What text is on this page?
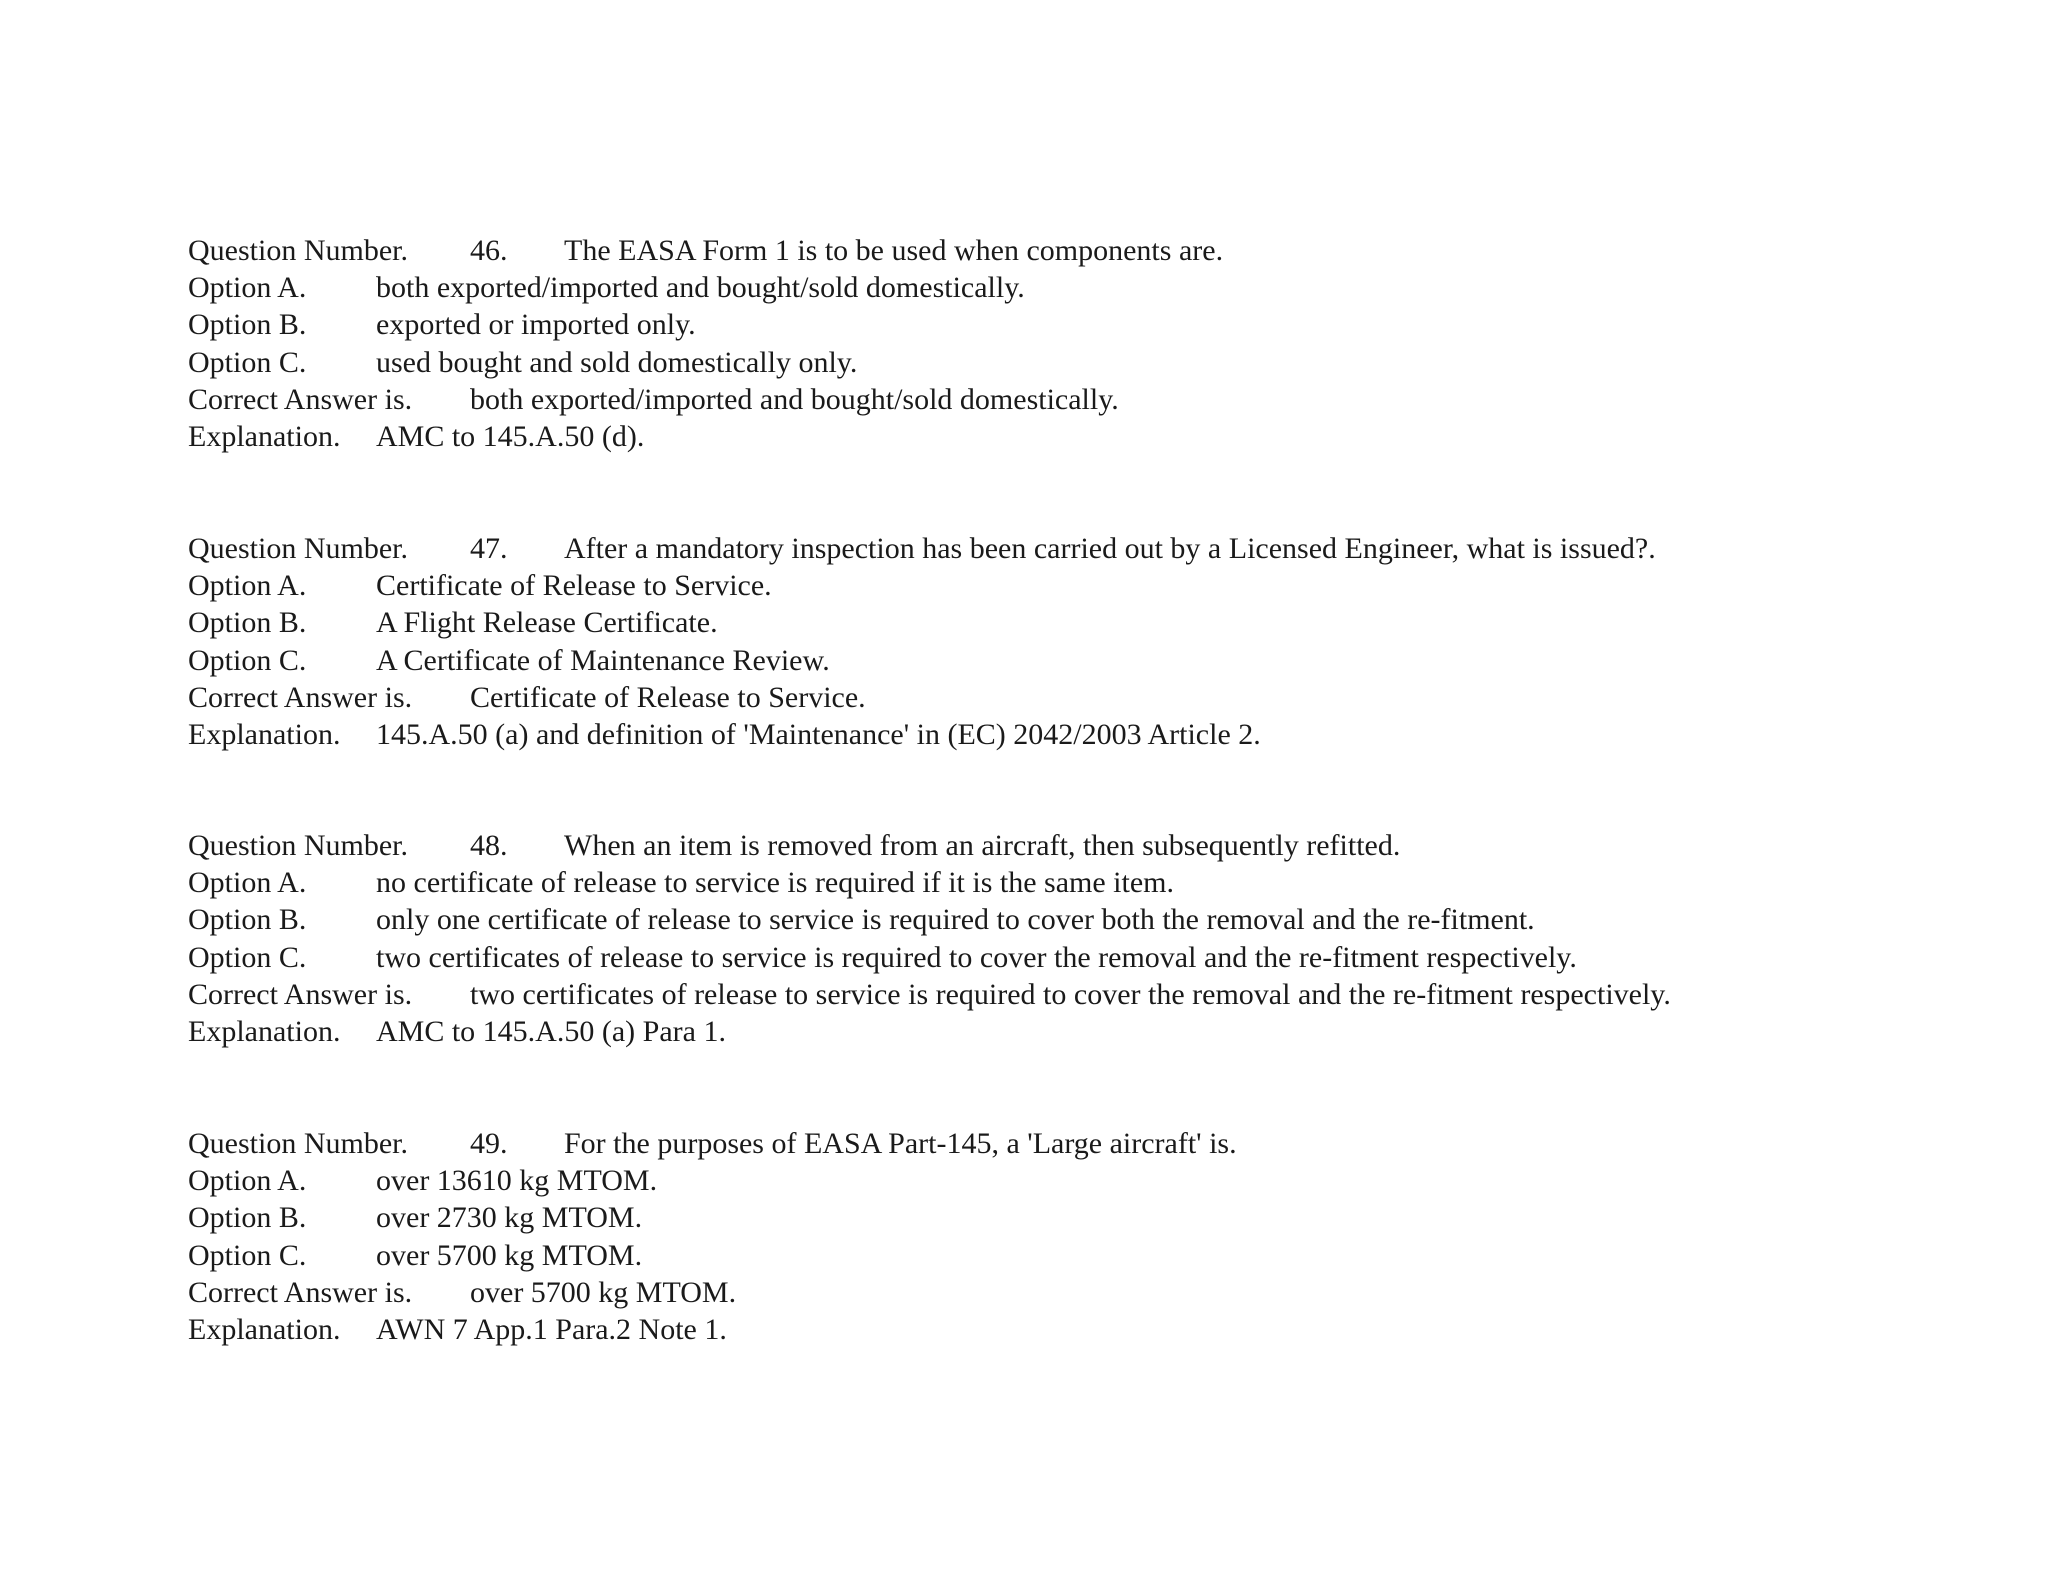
Question Number. 46. The EASA Form 1 is to be used when components are.
Option A. both exported/imported and bought/sold domestically.
Option B. exported or imported only.
Option C. used bought and sold domestically only.
Correct Answer is. both exported/imported and bought/sold domestically.
Explanation. AMC to 145.A.50 (d).
Question Number. 47. After a mandatory inspection has been carried out by a Licensed Engineer, what is issued?.
Option A. Certificate of Release to Service.
Option B. A Flight Release Certificate.
Option C. A Certificate of Maintenance Review.
Correct Answer is. Certificate of Release to Service.
Explanation. 145.A.50 (a) and definition of 'Maintenance' in (EC) 2042/2003 Article 2.
Question Number. 48. When an item is removed from an aircraft, then subsequently refitted.
Option A. no certificate of release to service is required if it is the same item.
Option B. only one certificate of release to service is required to cover both the removal and the re-fitment.
Option C. two certificates of release to service is required to cover the removal and the re-fitment respectively.
Correct Answer is. two certificates of release to service is required to cover the removal and the re-fitment respectively.
Explanation. AMC to 145.A.50 (a) Para 1.
Question Number. 49. For the purposes of EASA Part-145, a 'Large aircraft' is.
Option A. over 13610 kg MTOM.
Option B. over 2730 kg MTOM.
Option C. over 5700 kg MTOM.
Correct Answer is. over 5700 kg MTOM.
Explanation. AWN 7 App.1 Para.2 Note 1.
